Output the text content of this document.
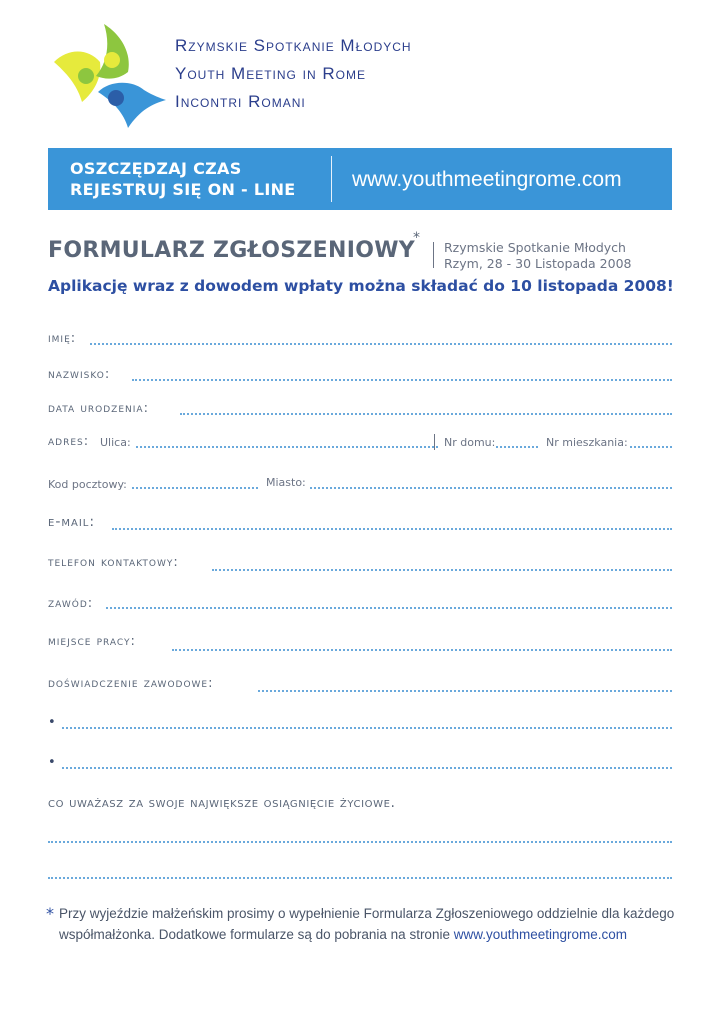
Rzymskie Spotkanie Młodych
Youth Meeting in Rome
Incontri Romani
OSZCZĘDZAJ CZAS
REJESTRUJ SIĘ ON - LINE	www.youthmeetingrome.com
FORMULARZ ZGŁOSZENIOWY
*
Rzymskie Spotkanie Młodych
Rzym, 28 - 30 Listopada 2008
Aplikację wraz z dowodem wpłaty można składać do 10 listopada 2008!
imię:
nazwisko:
data urodzenia:
adres: Ulica:	Nr domu:	Nr mieszkania:
Kod pocztowy:	Miasto:
e-mail:
telefon kontaktowy:
zawód:
miejsce pracy:
doświadczenie zawodowe:
•
•
co uważasz za swoje największe osiągnięcie życiowe.
* Przy wyjeździe małżeńskim prosimy o wypełnienie Formularza Zgłoszeniowego oddzielnie dla każdego
współmałżonka. Dodatkowe formularze są do pobrania na stronie www.youthmeetingrome.com
